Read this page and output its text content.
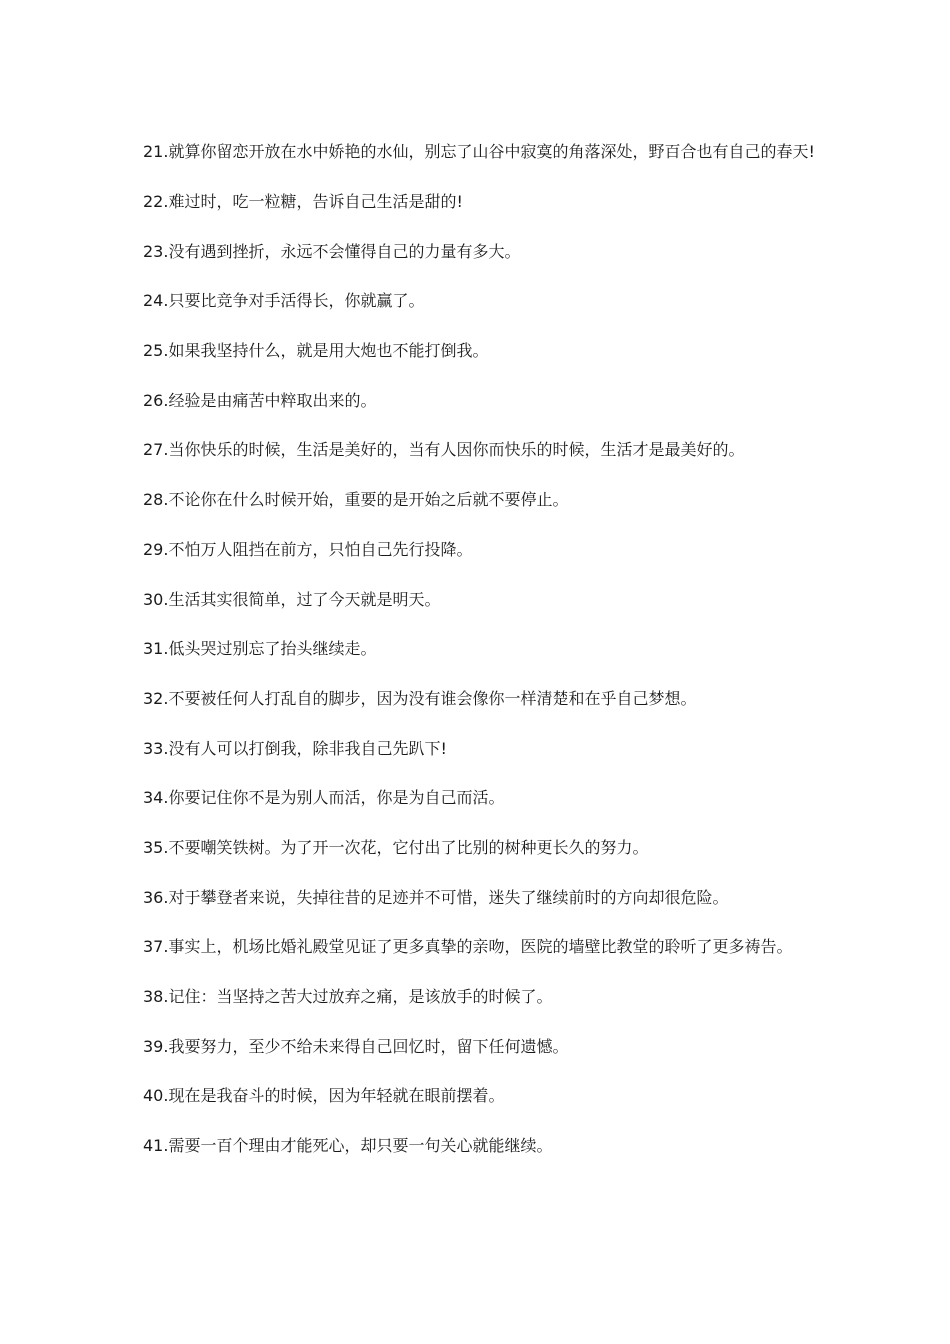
21.就算你留恋开放在水中娇艳的水仙，别忘了山谷中寂寞的角落深处，野百合也有自己的春天!

22.难过时，吃一粒糖，告诉自己生活是甜的!

23.没有遇到挫折，永远不会懂得自己的力量有多大。

24.只要比竞争对手活得长，你就赢了。

25.如果我坚持什么，就是用大炮也不能打倒我。

26.经验是由痛苦中粹取出来的。

27.当你快乐的时候，生活是美好的，当有人因你而快乐的时候，生活才是最美好的。

28.不论你在什么时候开始，重要的是开始之后就不要停止。

29.不怕万人阻挡在前方，只怕自己先行投降。

30.生活其实很简单，过了今天就是明天。

31.低头哭过别忘了抬头继续走。

32.不要被任何人打乱自的脚步，因为没有谁会像你一样清楚和在乎自己梦想。

33.没有人可以打倒我，除非我自己先趴下!

34.你要记住你不是为别人而活，你是为自己而活。

35.不要嘲笑铁树。为了开一次花，它付出了比别的树种更长久的努力。

36.对于攀登者来说，失掉往昔的足迹并不可惜，迷失了继续前时的方向却很危险。

37.事实上，机场比婚礼殿堂见证了更多真挚的亲吻，医院的墙壁比教堂的聆听了更多祷告。

38.记住：当坚持之苦大过放弃之痛，是该放手的时候了。

39.我要努力，至少不给未来得自己回忆时，留下任何遗憾。

40.现在是我奋斗的时候，因为年轻就在眼前摆着。

41.需要一百个理由才能死心，却只要一句关心就能继续。
